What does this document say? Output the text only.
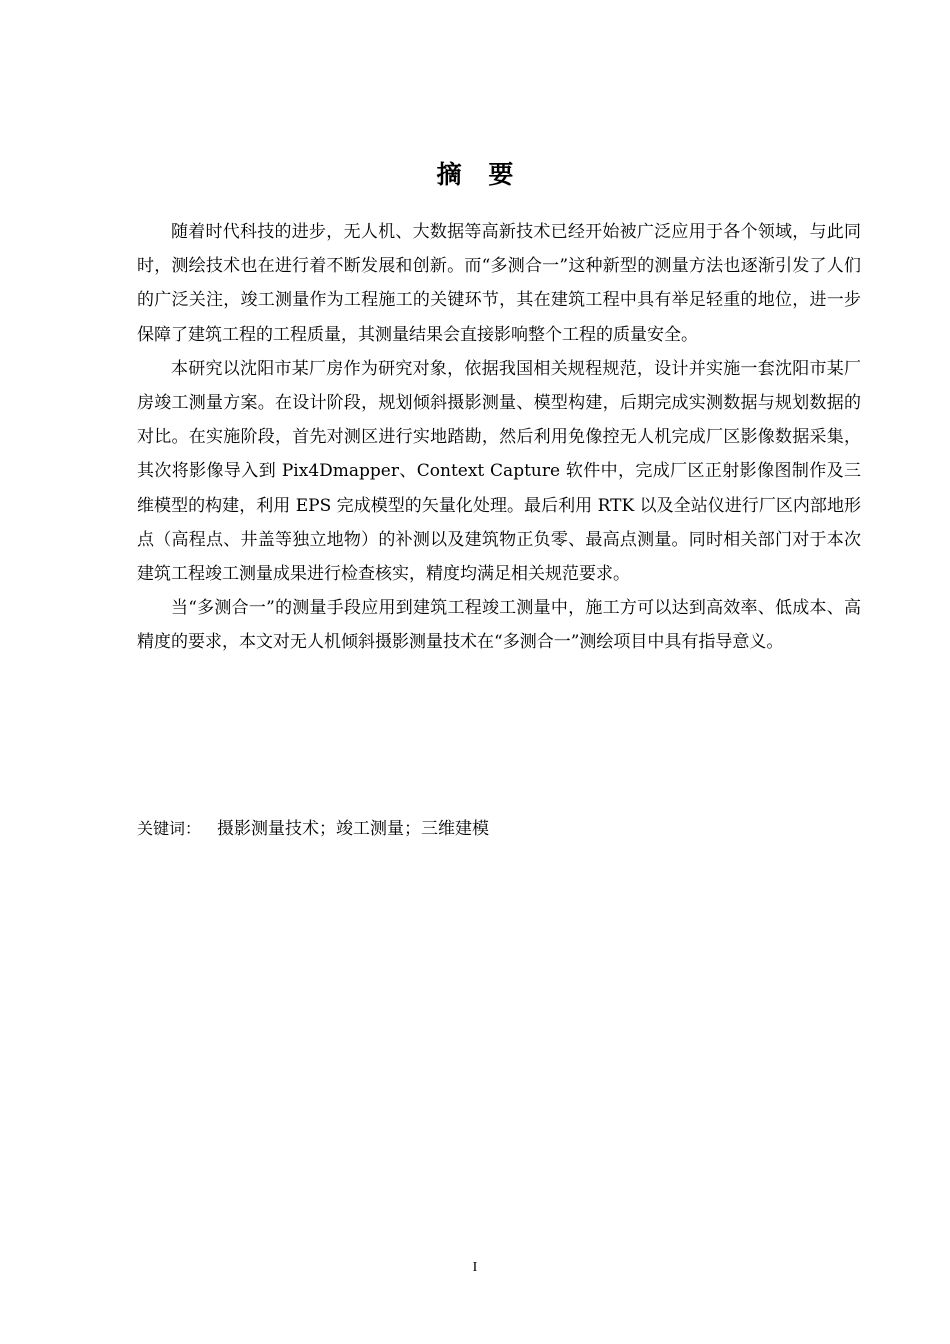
摘 要

随着时代科技的进步，无人机、大数据等高新技术已经开始被广泛应用于各个领域，与此同时，测绘技术也在进行着不断发展和创新。而“多测合一”这种新型的测量方法也逐渐引发了人们的广泛关注，竣工测量作为工程施工的关键环节，其在建筑工程中具有举足轻重的地位，进一步保障了建筑工程的工程质量，其测量结果会直接影响整个工程的质量安全。

本研究以沈阳市某厂房作为研究对象，依据我国相关规程规范，设计并实施一套沈阳市某厂房竣工测量方案。在设计阶段，规划倾斜摄影测量、模型构建，后期完成实测数据与规划数据的对比。在实施阶段，首先对测区进行实地踏勘，然后利用免像控无人机完成厂区影像数据采集，其次将影像导入到 Pix4Dmapper、Context Capture 软件中，完成厂区正射影像图制作及三维模型的构建，利用 EPS 完成模型的矢量化处理。最后利用 RTK 以及全站仪进行厂区内部地形点（高程点、井盖等独立地物）的补测以及建筑物正负零、最高点测量。同时相关部门对于本次建筑工程竣工测量成果进行检查核实，精度均满足相关规范要求。

当“多测合一”的测量手段应用到建筑工程竣工测量中，施工方可以达到高效率、低成本、高精度的要求，本文对无人机倾斜摄影测量技术在“多测合一”测绘项目中具有指导意义。

关键词： 摄影测量技术；竣工测量；三维建模
I
